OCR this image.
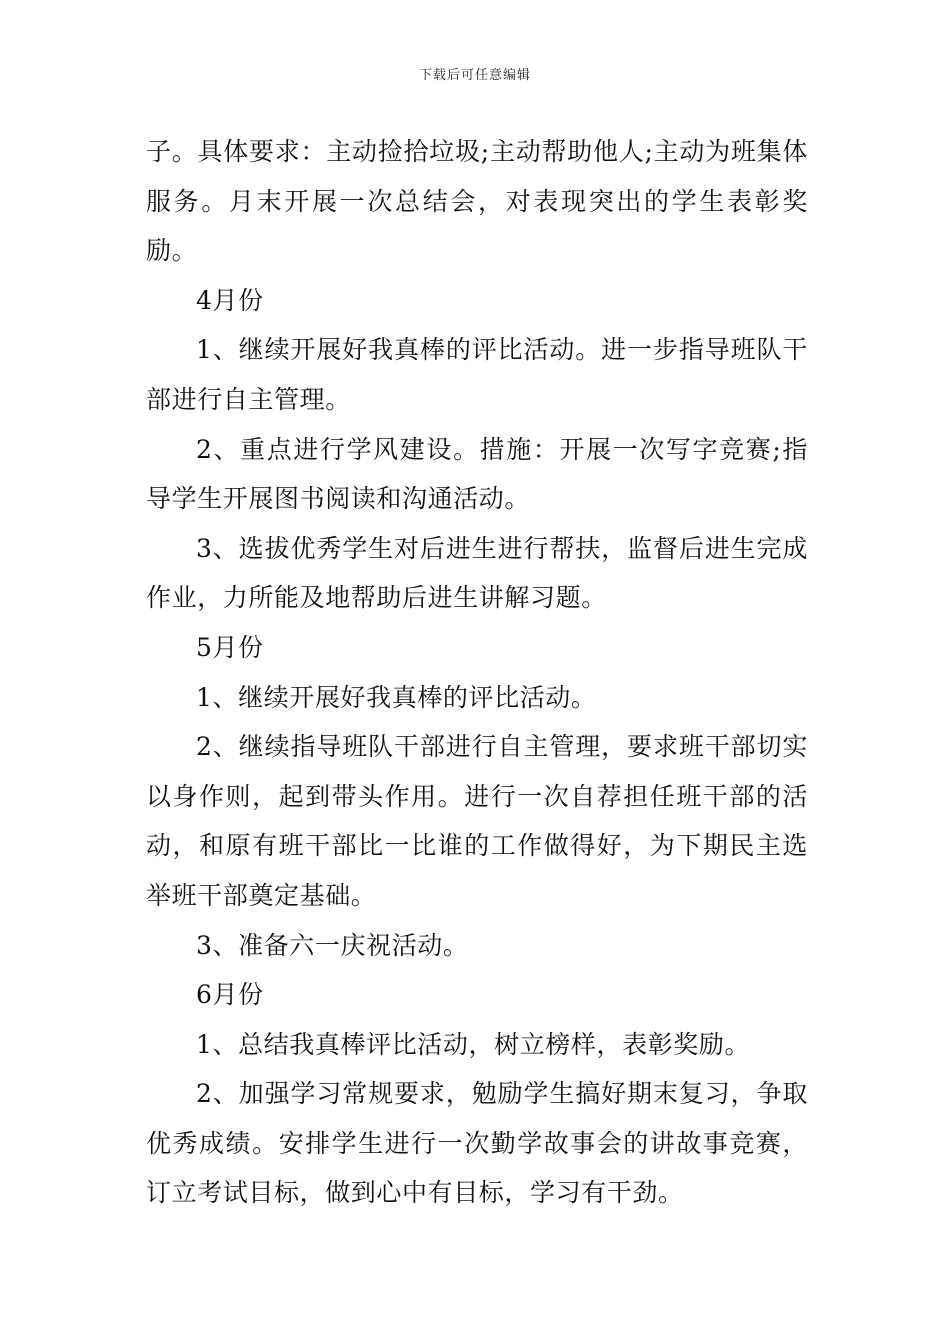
下载后可任意编辑

子。具体要求：主动捡拾垃圾;主动帮助他人;主动为班集体服务。月末开展一次总结会，对表现突出的学生表彰奖励。

4月份

1、继续开展好我真棒的评比活动。进一步指导班队干部进行自主管理。

2、重点进行学风建设。措施：开展一次写字竞赛;指导学生开展图书阅读和沟通活动。

3、选拔优秀学生对后进生进行帮扶，监督后进生完成作业，力所能及地帮助后进生讲解习题。

5月份

1、继续开展好我真棒的评比活动。

2、继续指导班队干部进行自主管理，要求班干部切实以身作则，起到带头作用。进行一次自荐担任班干部的活动，和原有班干部比一比谁的工作做得好，为下期民主选举班干部奠定基础。

3、准备六一庆祝活动。

6月份

1、总结我真棒评比活动，树立榜样，表彰奖励。

2、加强学习常规要求，勉励学生搞好期末复习，争取优秀成绩。安排学生进行一次勤学故事会的讲故事竞赛，订立考试目标，做到心中有目标，学习有干劲。
